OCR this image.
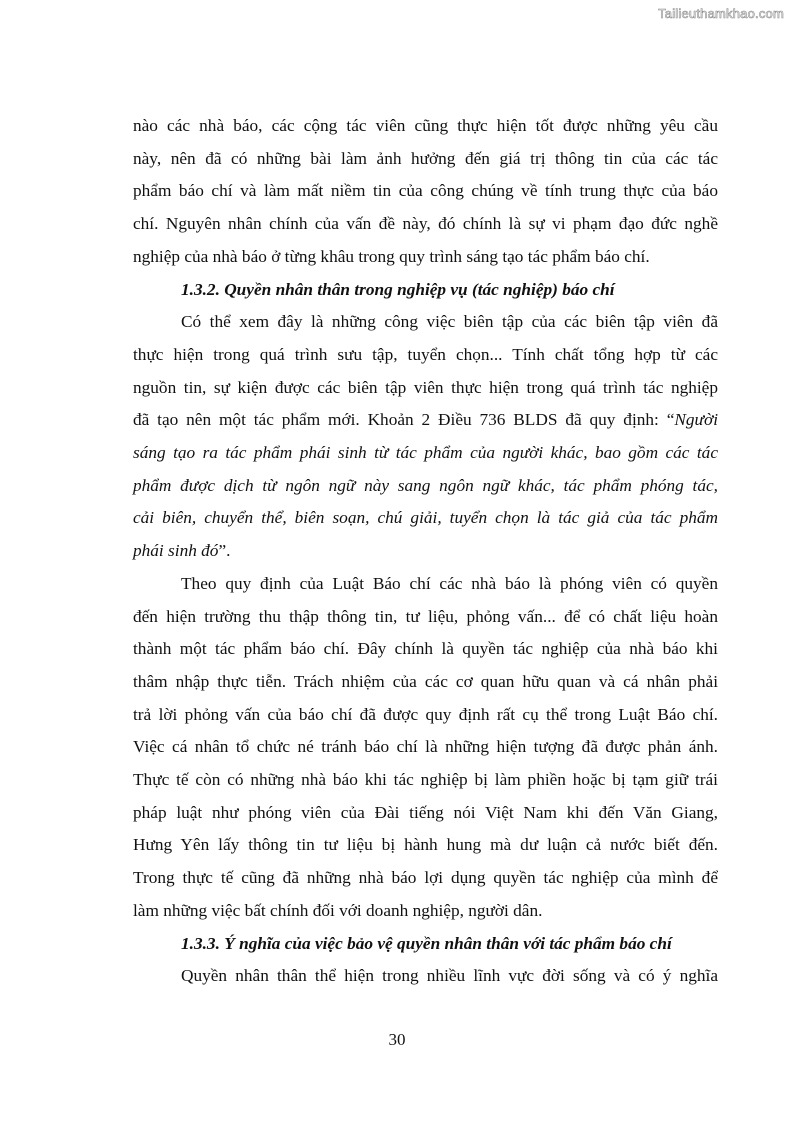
Tailieuthamkhao.com

nào các nhà báo, các cộng tác viên cũng thực hiện tốt được những yêu cầu

này, nên đã có những bài làm ảnh hưởng đến giá trị thông tin của các tác

phẩm báo chí và làm mất niềm tin của công chúng về tính trung thực của báo

chí. Nguyên nhân chính của vấn đề này, đó chính là sự vi phạm đạo đức nghề

nghiệp của nhà báo ở từng khâu trong quy trình sáng tạo tác phẩm báo chí.

1.3.2. Quyền nhân thân trong nghiệp vụ (tác nghiệp) báo chí

Có thể xem đây là những công việc biên tập của các biên tập viên đã

thực hiện trong quá trình sưu tập, tuyển chọn... Tính chất tổng hợp từ các

nguồn tin, sự kiện được các biên tập viên thực hiện trong quá trình tác nghiệp

đã tạo nên một tác phẩm mới. Khoản 2 Điều 736 BLDS đã quy định: “Người

sáng tạo ra tác phẩm phái sinh từ tác phẩm của người khác, bao gồm các tác

phẩm được dịch từ ngôn ngữ này sang ngôn ngữ khác, tác phẩm phóng tác,

cải biên, chuyển thể, biên soạn, chú giải, tuyển chọn là tác giả của tác phẩm

phái sinh đó”.

Theo quy định của Luật Báo chí các nhà báo là phóng viên có quyền

đến hiện trường thu thập thông tin, tư liệu, phỏng vấn... để có chất liệu hoàn

thành một tác phẩm báo chí. Đây chính là quyền tác nghiệp của nhà báo khi

thâm nhập thực tiễn. Trách nhiệm của các cơ quan hữu quan và cá nhân phải

trả lời phỏng vấn của báo chí đã được quy định rất cụ thể trong Luật Báo chí.

Việc cá nhân tổ chức né tránh báo chí là những hiện tượng đã được phản ánh.

Thực tế còn có những nhà báo khi tác nghiệp bị làm phiền hoặc bị tạm giữ trái

pháp luật như phóng viên của Đài tiếng nói Việt Nam khi đến Văn Giang,

Hưng Yên lấy thông tin tư liệu bị hành hung mà dư luận cả nước biết đến.

Trong thực tế cũng đã những nhà báo lợi dụng quyền tác nghiệp của mình để

làm những việc bất chính đối với doanh nghiệp, người dân.

1.3.3. Ý nghĩa của việc bảo vệ quyền nhân thân với tác phẩm báo chí

Quyền nhân thân thể hiện trong nhiều lĩnh vực đời sống và có ý nghĩa

30
